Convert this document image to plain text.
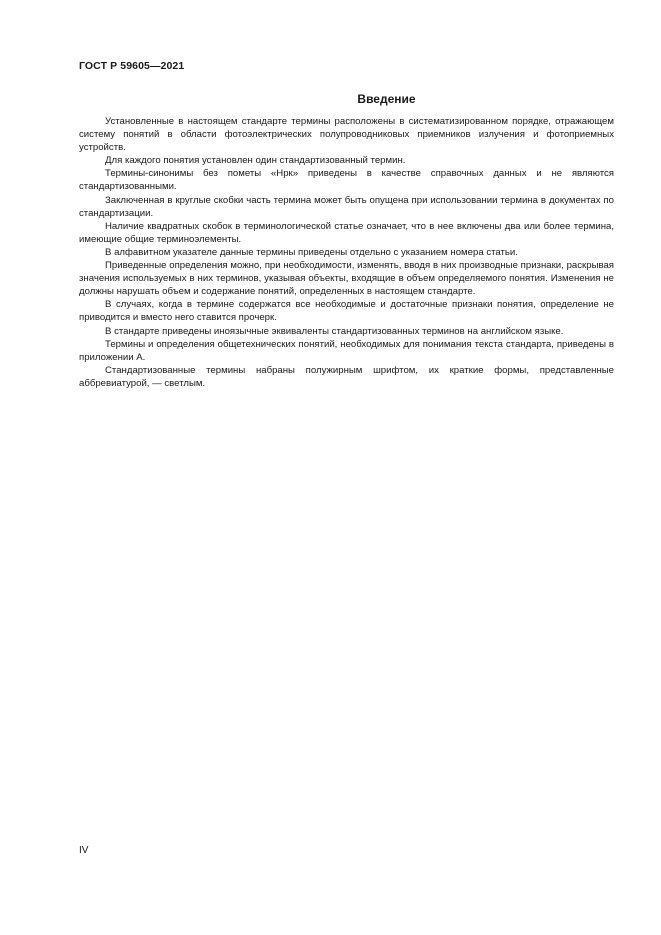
ГОСТ Р 59605—2021
Введение

Установленные в настоящем стандарте термины расположены в систематизированном порядке, отражающем систему понятий в области фотоэлектрических полупроводниковых приемников излучения и фотоприемных устройств.

Для каждого понятия установлен один стандартизованный термин.

Термины-синонимы без пометы «Нрк» приведены в качестве справочных данных и не являются стандартизованными.

Заключенная в круглые скобки часть термина может быть опущена при использовании термина в документах по стандартизации.

Наличие квадратных скобок в терминологической статье означает, что в нее включены два или более термина, имеющие общие терминоэлементы.

В алфавитном указателе данные термины приведены отдельно с указанием номера статьи.

Приведенные определения можно, при необходимости, изменять, вводя в них производные признаки, раскрывая значения используемых в них терминов, указывая объекты, входящие в объем определяемого понятия. Изменения не должны нарушать объем и содержание понятий, определенных в настоящем стандарте.

В случаях, когда в термине содержатся все необходимые и достаточные признаки понятия, определение не приводится и вместо него ставится прочерк.

В стандарте приведены иноязычные эквиваленты стандартизованных терминов на английском языке.

Термины и определения общетехнических понятий, необходимых для понимания текста стандарта, приведены в приложении А.

Стандартизованные термины набраны полужирным шрифтом, их краткие формы, представленные аббревиатурой, — светлым.

IV
